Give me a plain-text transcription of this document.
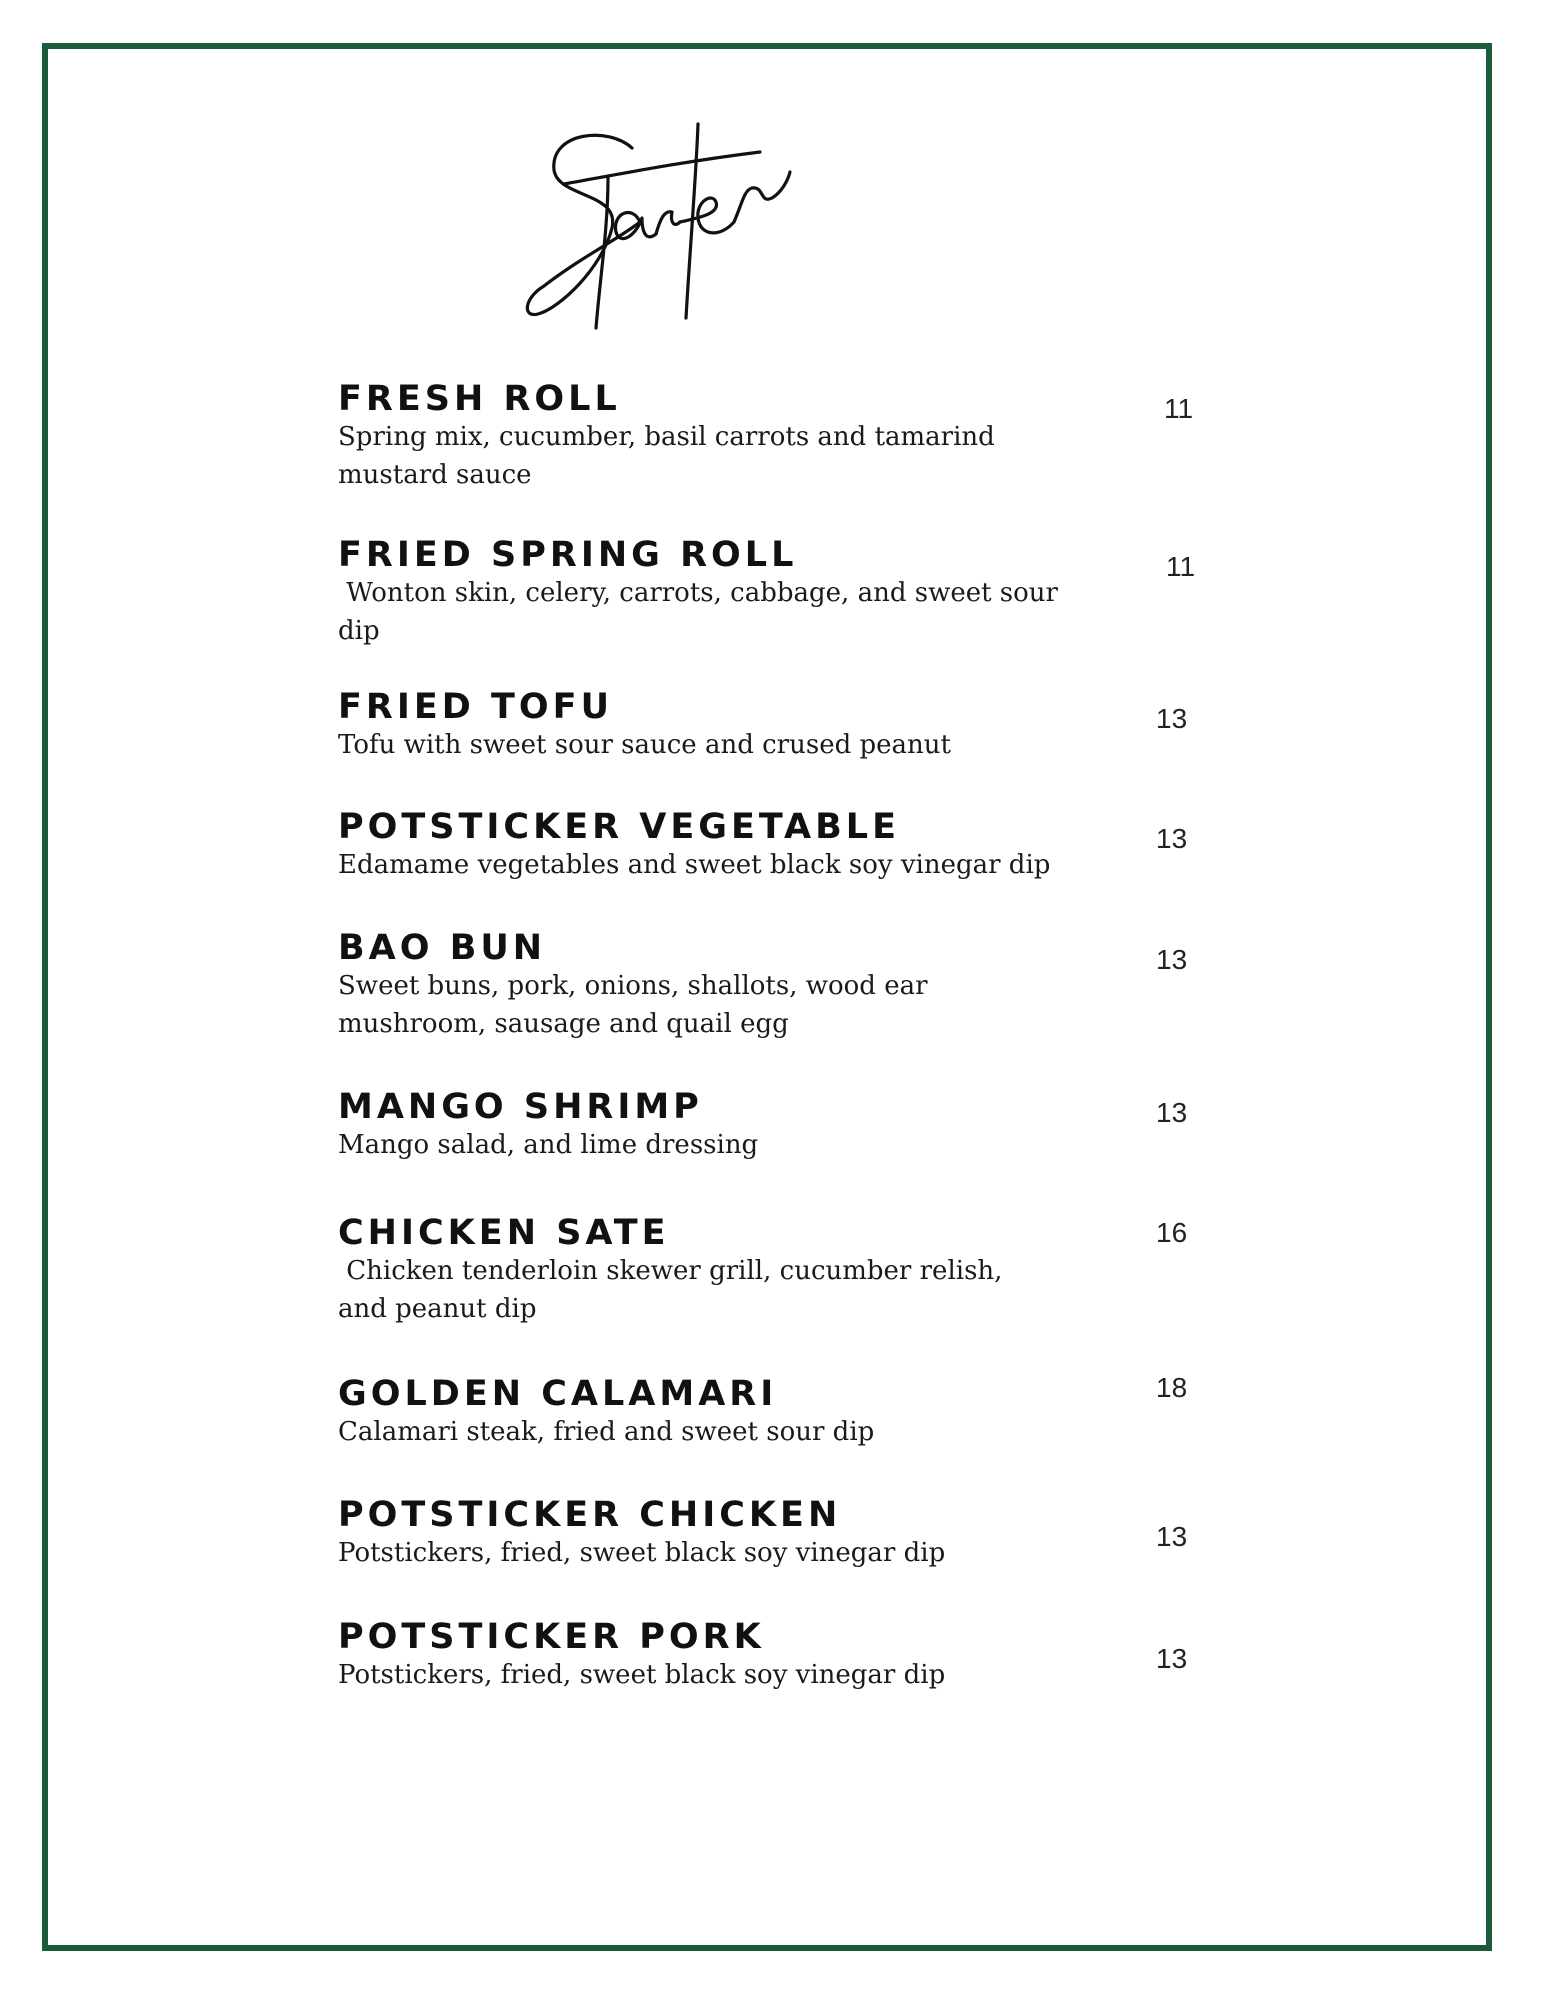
FRESH ROLL

Spring mix, cucumber, basil carrots and tamarind mustard sauce

11
FRIED SPRING ROLL

Wonton skin, celery, carrots, cabbage, and sweet sour dip

11
FRIED TOFU

Tofu with sweet sour sauce and crused peanut

13
POTSTICKER VEGETABLE

Edamame vegetables and sweet black soy vinegar dip

13
BAO BUN

Sweet buns, pork, onions, shallots, wood ear mushroom, sausage and quail egg

13
MANGO SHRIMP

Mango salad, and lime dressing

13
CHICKEN SATE

Chicken tenderloin skewer grill, cucumber relish, and peanut dip

16
GOLDEN CALAMARI

Calamari steak, fried and sweet sour dip

18
POTSTICKER CHICKEN

Potstickers, fried, sweet black soy vinegar dip

13
POTSTICKER PORK

Potstickers, fried, sweet black soy vinegar dip

13
